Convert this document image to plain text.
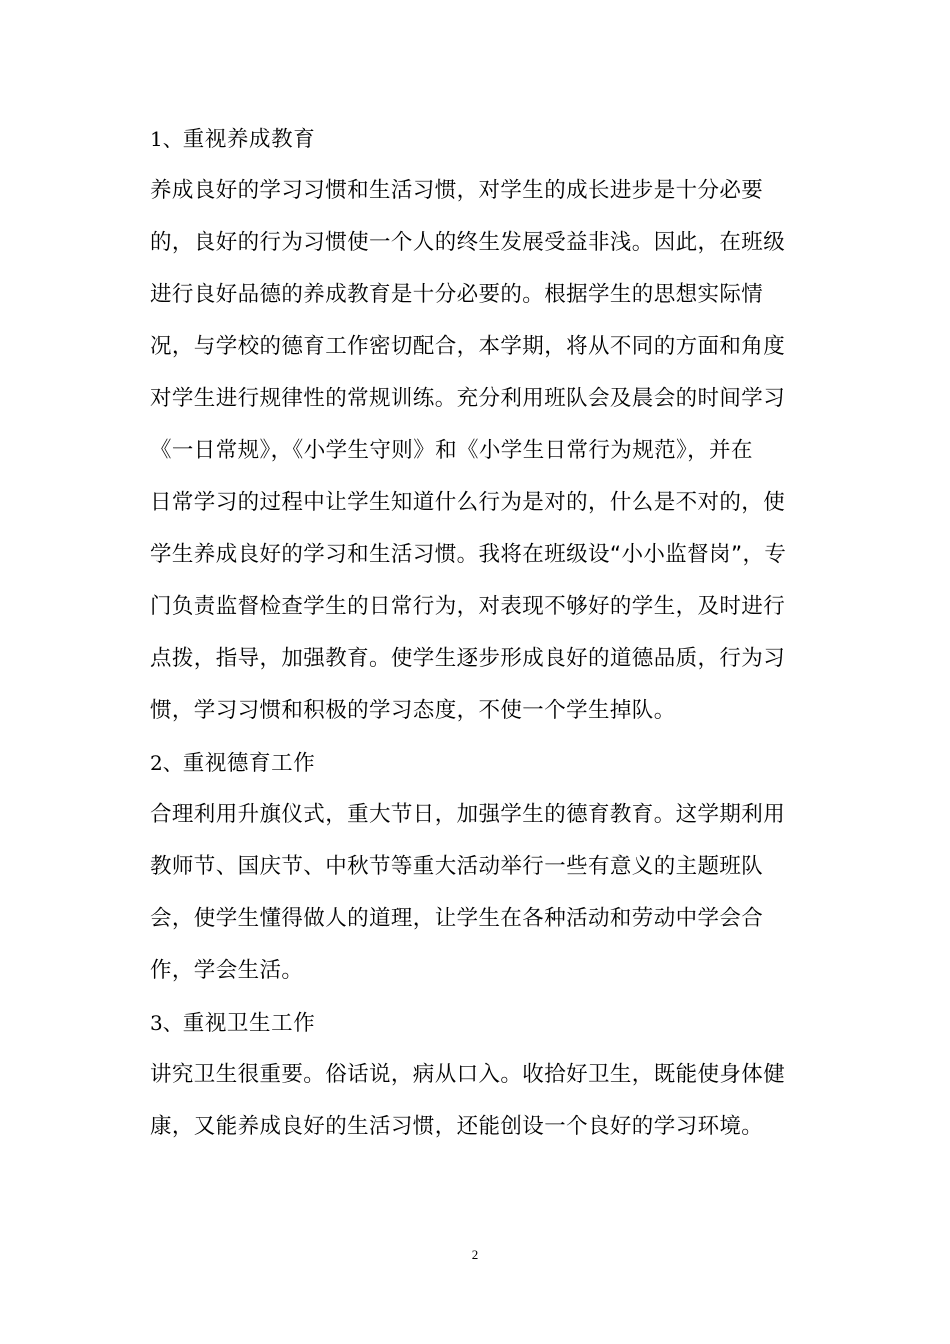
1、重视养成教育
养成良好的学习习惯和生活习惯，对学生的成长进步是十分必要
的，良好的行为习惯使一个人的终生发展受益非浅。因此，在班级
进行良好品德的养成教育是十分必要的。根据学生的思想实际情
况，与学校的德育工作密切配合，本学期，将从不同的方面和角度
对学生进行规律性的常规训练。充分利用班队会及晨会的时间学习
《一日常规》，《小学生守则》和《小学生日常行为规范》，并在
日常学习的过程中让学生知道什么行为是对的，什么是不对的，使
学生养成良好的学习和生活习惯。我将在班级设“小小监督岗”，专
门负责监督检查学生的日常行为，对表现不够好的学生，及时进行
点拨，指导，加强教育。使学生逐步形成良好的道德品质，行为习
惯，学习习惯和积极的学习态度，不使一个学生掉队。
2、重视德育工作
合理利用升旗仪式，重大节日，加强学生的德育教育。这学期利用
教师节、国庆节、中秋节等重大活动举行一些有意义的主题班队
会，使学生懂得做人的道理，让学生在各种活动和劳动中学会合
作，学会生活。
3、重视卫生工作
讲究卫生很重要。俗话说，病从口入。收拾好卫生，既能使身体健
康，又能养成良好的生活习惯，还能创设一个良好的学习环境。
2
